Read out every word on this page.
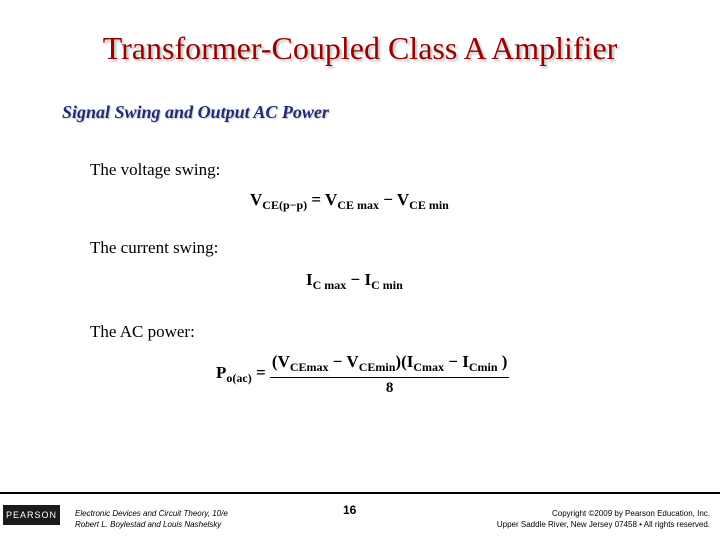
Transformer-Coupled Class A Amplifier
Signal Swing and Output AC Power
The voltage swing:
$V_{CE(p-p)} = V_{CE max} - V_{CE min}$
The current swing:
$I_{C max} - I_{C min}$
The AC power:
$P_{o(ac)} = \frac{(V_{CEmax} - V_{CEmin})(I_{Cmax} - I_{Cmin} )}{8}$
PEARSON	Electronic Devices and Circuit Theory, 10/e
Robert L. Boylestad and Louis Nashelsky
16	Copyright ©2009 by Pearson Education, Inc.
Upper Saddle River, New Jersey 07458 • All rights reserved.
